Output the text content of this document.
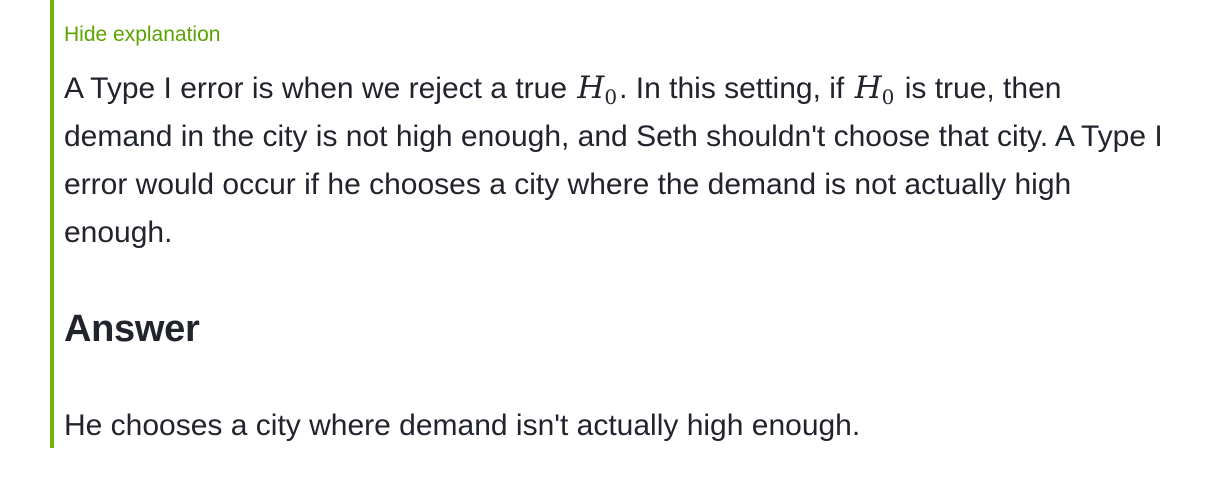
Hide explanation

A Type I error is when we reject a true $H_0$. In this setting, if $H_0$ is true, then demand in the city is not high enough, and Seth shouldn't choose that city. A Type I error would occur if he chooses a city where the demand is not actually high enough.

Answer

He chooses a city where demand isn't actually high enough.
